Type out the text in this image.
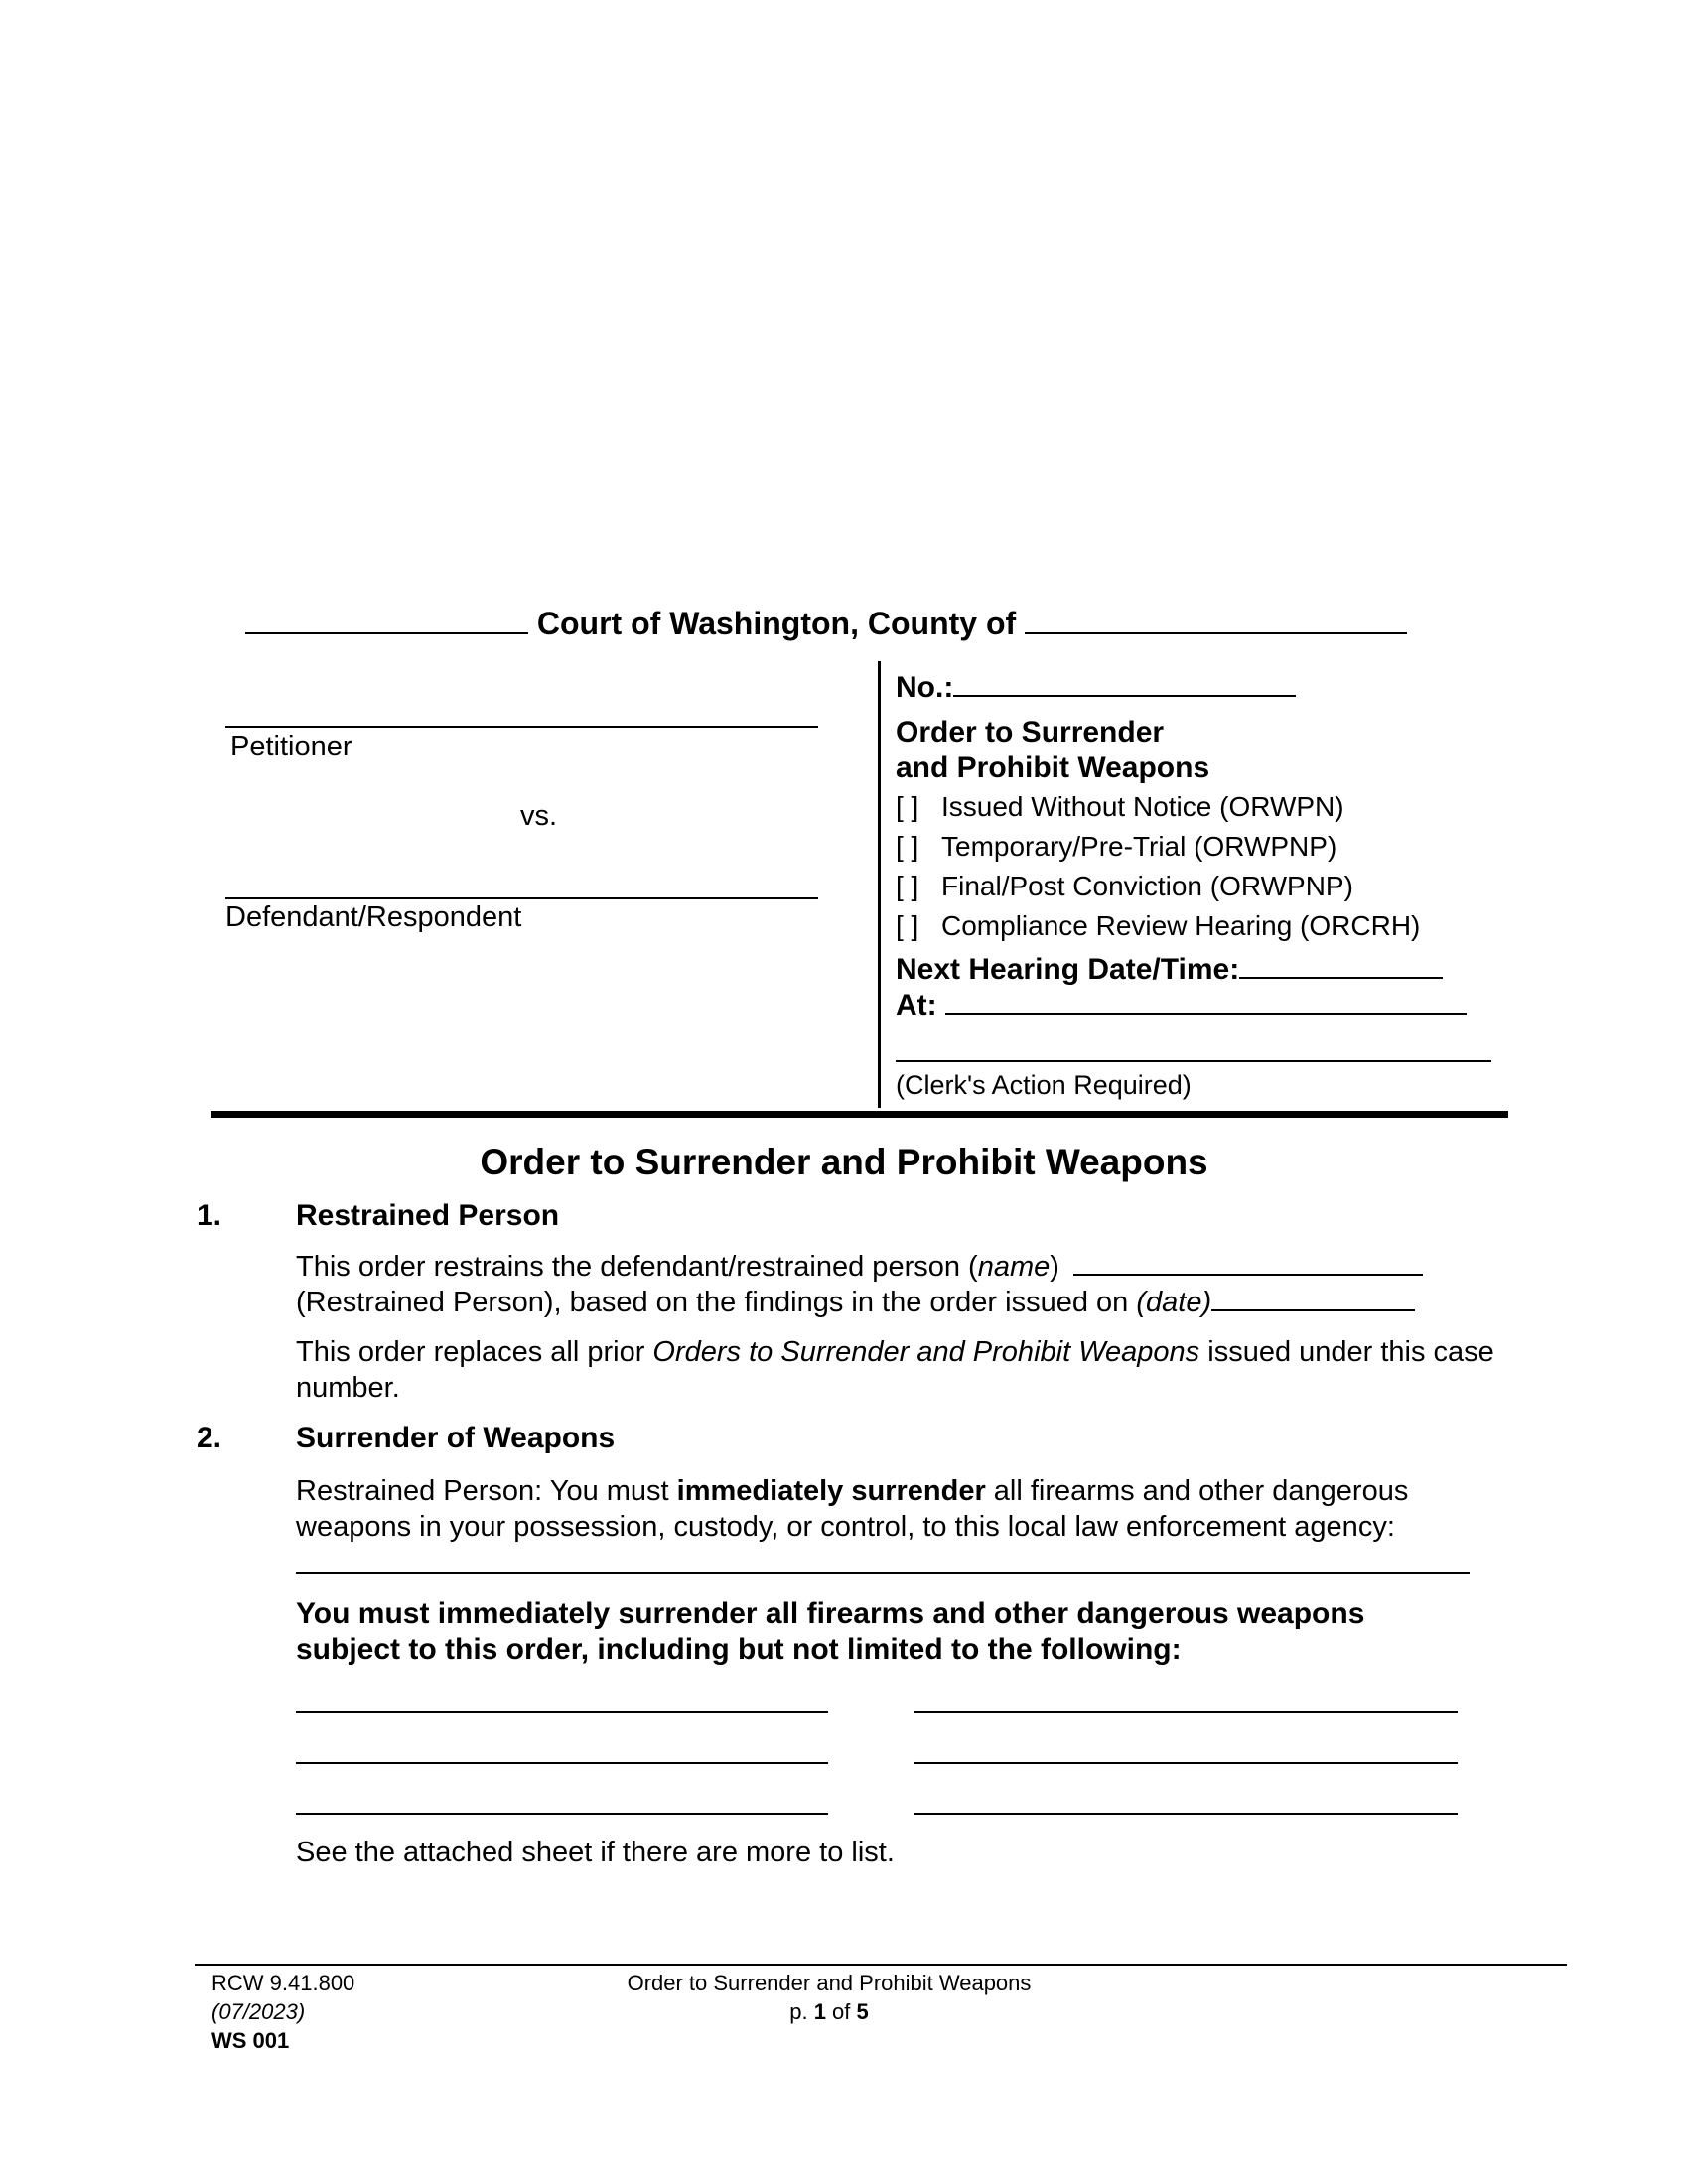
Court of Washington, County of
Petitioner
vs.
Defendant/Respondent
No.:
Order to Surrender
and Prohibit Weapons
[ ] Issued Without Notice (ORWPN)
[ ] Temporary/Pre-Trial (ORWPNP)
[ ] Final/Post Conviction (ORWPNP)
[ ] Compliance Review Hearing (ORCRH)
Next Hearing Date/Time:
At:
(Clerk's Action Required)
Order to Surrender and Prohibit Weapons
1. Restrained Person
This order restrains the defendant/restrained person (name)
(Restrained Person), based on the findings in the order issued on (date)
This order replaces all prior Orders to Surrender and Prohibit Weapons issued under this case number.
2. Surrender of Weapons
Restrained Person: You must immediately surrender all firearms and other dangerous weapons in your possession, custody, or control, to this local law enforcement agency:
You must immediately surrender all firearms and other dangerous weapons subject to this order, including but not limited to the following:
See the attached sheet if there are more to list.
RCW 9.41.800
(07/2023)
WS 001
Order to Surrender and Prohibit Weapons
p. 1 of 5
